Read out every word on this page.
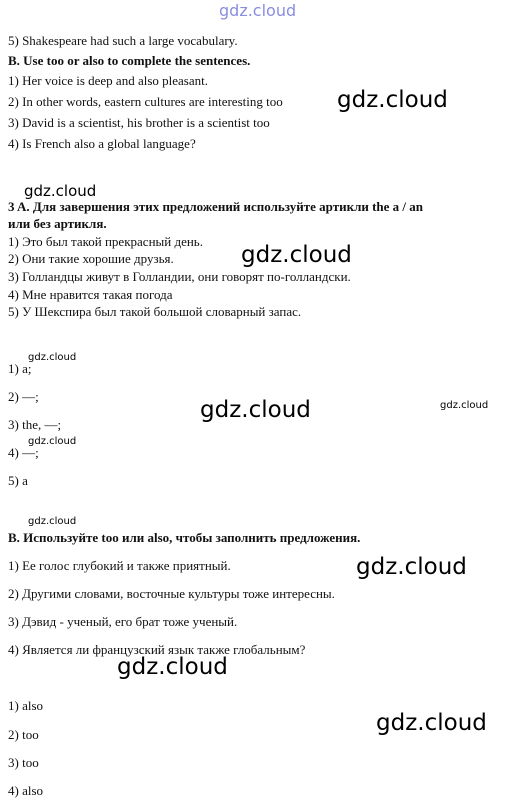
gdz.cloud
5) Shakespeare had such a large vocabulary.
B. Use too or also to complete the sentences.
1) Her voice is deep and also pleasant.
2) In other words, eastern cultures are interesting too gdz.cloud
3) David is a scientist, his brother is a scientist too
4) Is French also a global language?
gdz.cloud
3 A. Для завершения этих предложений используйте артикли the a / an
или без артикля.
1) Это был такой прекрасный день.
gdz.cloud
2) Они такие хорошие друзья.
3) Голландцы живут в Голландии, они говорят по-голландски.
4) Мне нравится такая погода
5) У Шекспира был такой большой словарный запас.
gdz.cloud
1) a;
2) —;
gdz.cloud	gdz.cloud
3) the, —;
gdz.cloud
4) —;
5) a
gdz.cloud
B. Используйте too или also, чтобы заполнить предложения.
1) Ее голос глубокий и также приятный.	gdz.cloud
2) Другими словами, восточные культуры тоже интересны.
3) Дэвид - ученый, его брат тоже ученый.
4) Является ли французский язык также глобальным?
gdz.cloud
1) also
gdz.cloud
2) too
3) too
4) also
